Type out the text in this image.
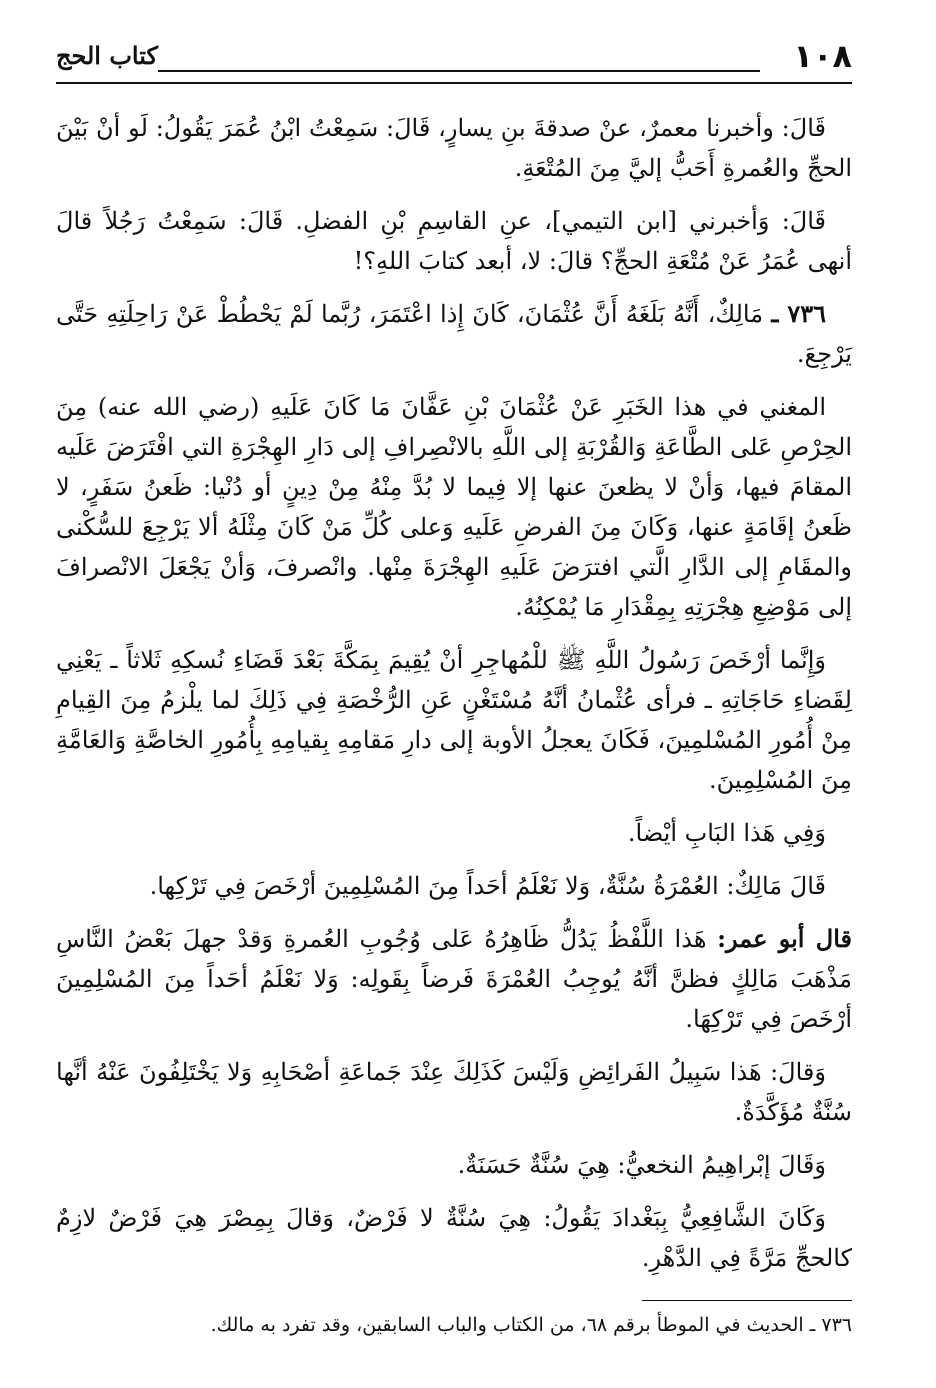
١٠٨
كتاب الحج

قَالَ: وأخبرنا معمرٌ، عنْ صدقةَ بنِ يسارٍ، قَالَ: سَمِعْتُ ابْنُ عُمَرَ يَقُولُ: لَو أنْ بَيْنَ الحجِّ والعُمرةِ أَحَبُّ إليَّ مِنَ المُتْعَةِ.

قَالَ: وَأخبرني [ابن التيمي]، عنِ القاسِمِ بْنِ الفضلِ. قَالَ: سَمِعْتُ رَجُلاً قالَ أنهى عُمَرُ عَنْ مُتْعَةِ الحجِّ؟ قالَ: لا، أبعد كتابَ اللهِ؟!

٧٣٦ ـ مَالِكٌ، أَنَّهُ بَلَغَهُ أَنَّ عُثْمَانَ، كَانَ إِذا اعْتَمَرَ، رُبَّما لَمْ يَحْطُطْ عَنْ رَاحِلَتِهِ حَتَّى يَرْجِعَ.

المغني في هذا الخَبَرِ عَنْ عُثْمَانَ بْنِ عَفَّانَ مَا كَانَ عَلَيهِ (رضي الله عنه) مِنَ الحِرْصِ عَلى الطَّاعَةِ وَالقُرْبَةِ إلى اللَّهِ بالانْصِرافِ إلى دَارِ الهِجْرَةِ التي افْتَرَضَ عَلَيه المقامَ فيها، وَأنْ لا يظعنَ عنها إلا فِيما لا بُدَّ مِنْهُ مِنْ دِينٍ أو دُنْيا: ظَعنُ سَفَرٍ، لا ظَعنُ إقَامَةٍ عنها، وَكَانَ مِنَ الفرضِ عَلَيهِ وَعلى كُلِّ مَنْ كَانَ مِثْلَهُ ألا يَرْجِعَ للسُّكْنى والمقَامِ إلى الدَّارِ الَّتي افترَضَ عَلَيهِ الهِجْرَةَ مِنْها. وانْصرفَ، وَأنْ يَجْعَلَ الانْصرافَ إلى مَوْضِعِ هِجْرَتِهِ بِمِقْدَارِ مَا يُمْكِنُهُ.

وَإِنَّما أرْخَصَ رَسُولُ اللَّهِ ﷺ للْمُهاجِرِ أنْ يُقِيمَ بِمَكَّةَ بَعْدَ قَضَاءِ نُسكِهِ ثَلاثاً ـ يَعْنِي لِقَضاءِ حَاجَاتِهِ ـ فرأى عُثْمانُ أنَّهُ مُسْتَغْنٍ عَنِ الرُّخْصَةِ فِي ذَلِكَ لما يلْزمُ مِنَ القِيامِ مِنْ أُمُورِ المُسْلمِينَ، فَكَانَ يعجلُ الأوبة إلى دارِ مَقامِهِ بِقيامِهِ بِأُمُورِ الخاصَّةِ وَالعَامَّةِ مِنَ المُسْلِمِينَ.

وَفِي هَذا البَابِ أيْضاً.

قَالَ مَالِكٌ: العُمْرَةُ سُنَّةٌ، وَلا نَعْلَمُ أحَداً مِنَ المُسْلِمِينَ أرْخَصَ فِي تَرْكِها.

قال أبو عمر: هَذا اللَّفْظُ يَدُلُّ ظَاهِرُهُ عَلى وُجُوبِ العُمرةِ وَقدْ جهلَ بَعْضُ النَّاسِ مَذْهَبَ مَالِكٍ فظنَّ أنَّهُ يُوجِبُ العُمْرَةَ فَرضاً بِقَولِه: وَلا نَعْلَمُ أحَداً مِنَ المُسْلِمِينَ أرْخَصَ فِي تَرْكِهَا.

وَقالَ: هَذا سَبِيلُ الفَرائِضِ وَلَيْسَ كَذَلِكَ عِنْدَ جَماعَةِ أصْحَابِهِ وَلا يَخْتَلِفُونَ عَنْهُ أنَّها سُنَّةٌ مُؤَكَّدَةٌ.

وَقَالَ إبْراهِيمُ النخعيُّ: هِيَ سُنَّةٌ حَسَنَةٌ.

وَكَانَ الشَّافِعِيُّ بِبَغْدادَ يَقُولُ: هِيَ سُنَّةٌ لا فَرْضٌ، وَقالَ بِمِصْرَ هِيَ فَرْضٌ لازِمٌ كالحجِّ مَرَّةً فِي الدَّهْرِ.

٧٣٦ ـ الحديث في الموطأ برقم ٦٨، من الكتاب والباب السابقين، وقد تفرد به مالك.
